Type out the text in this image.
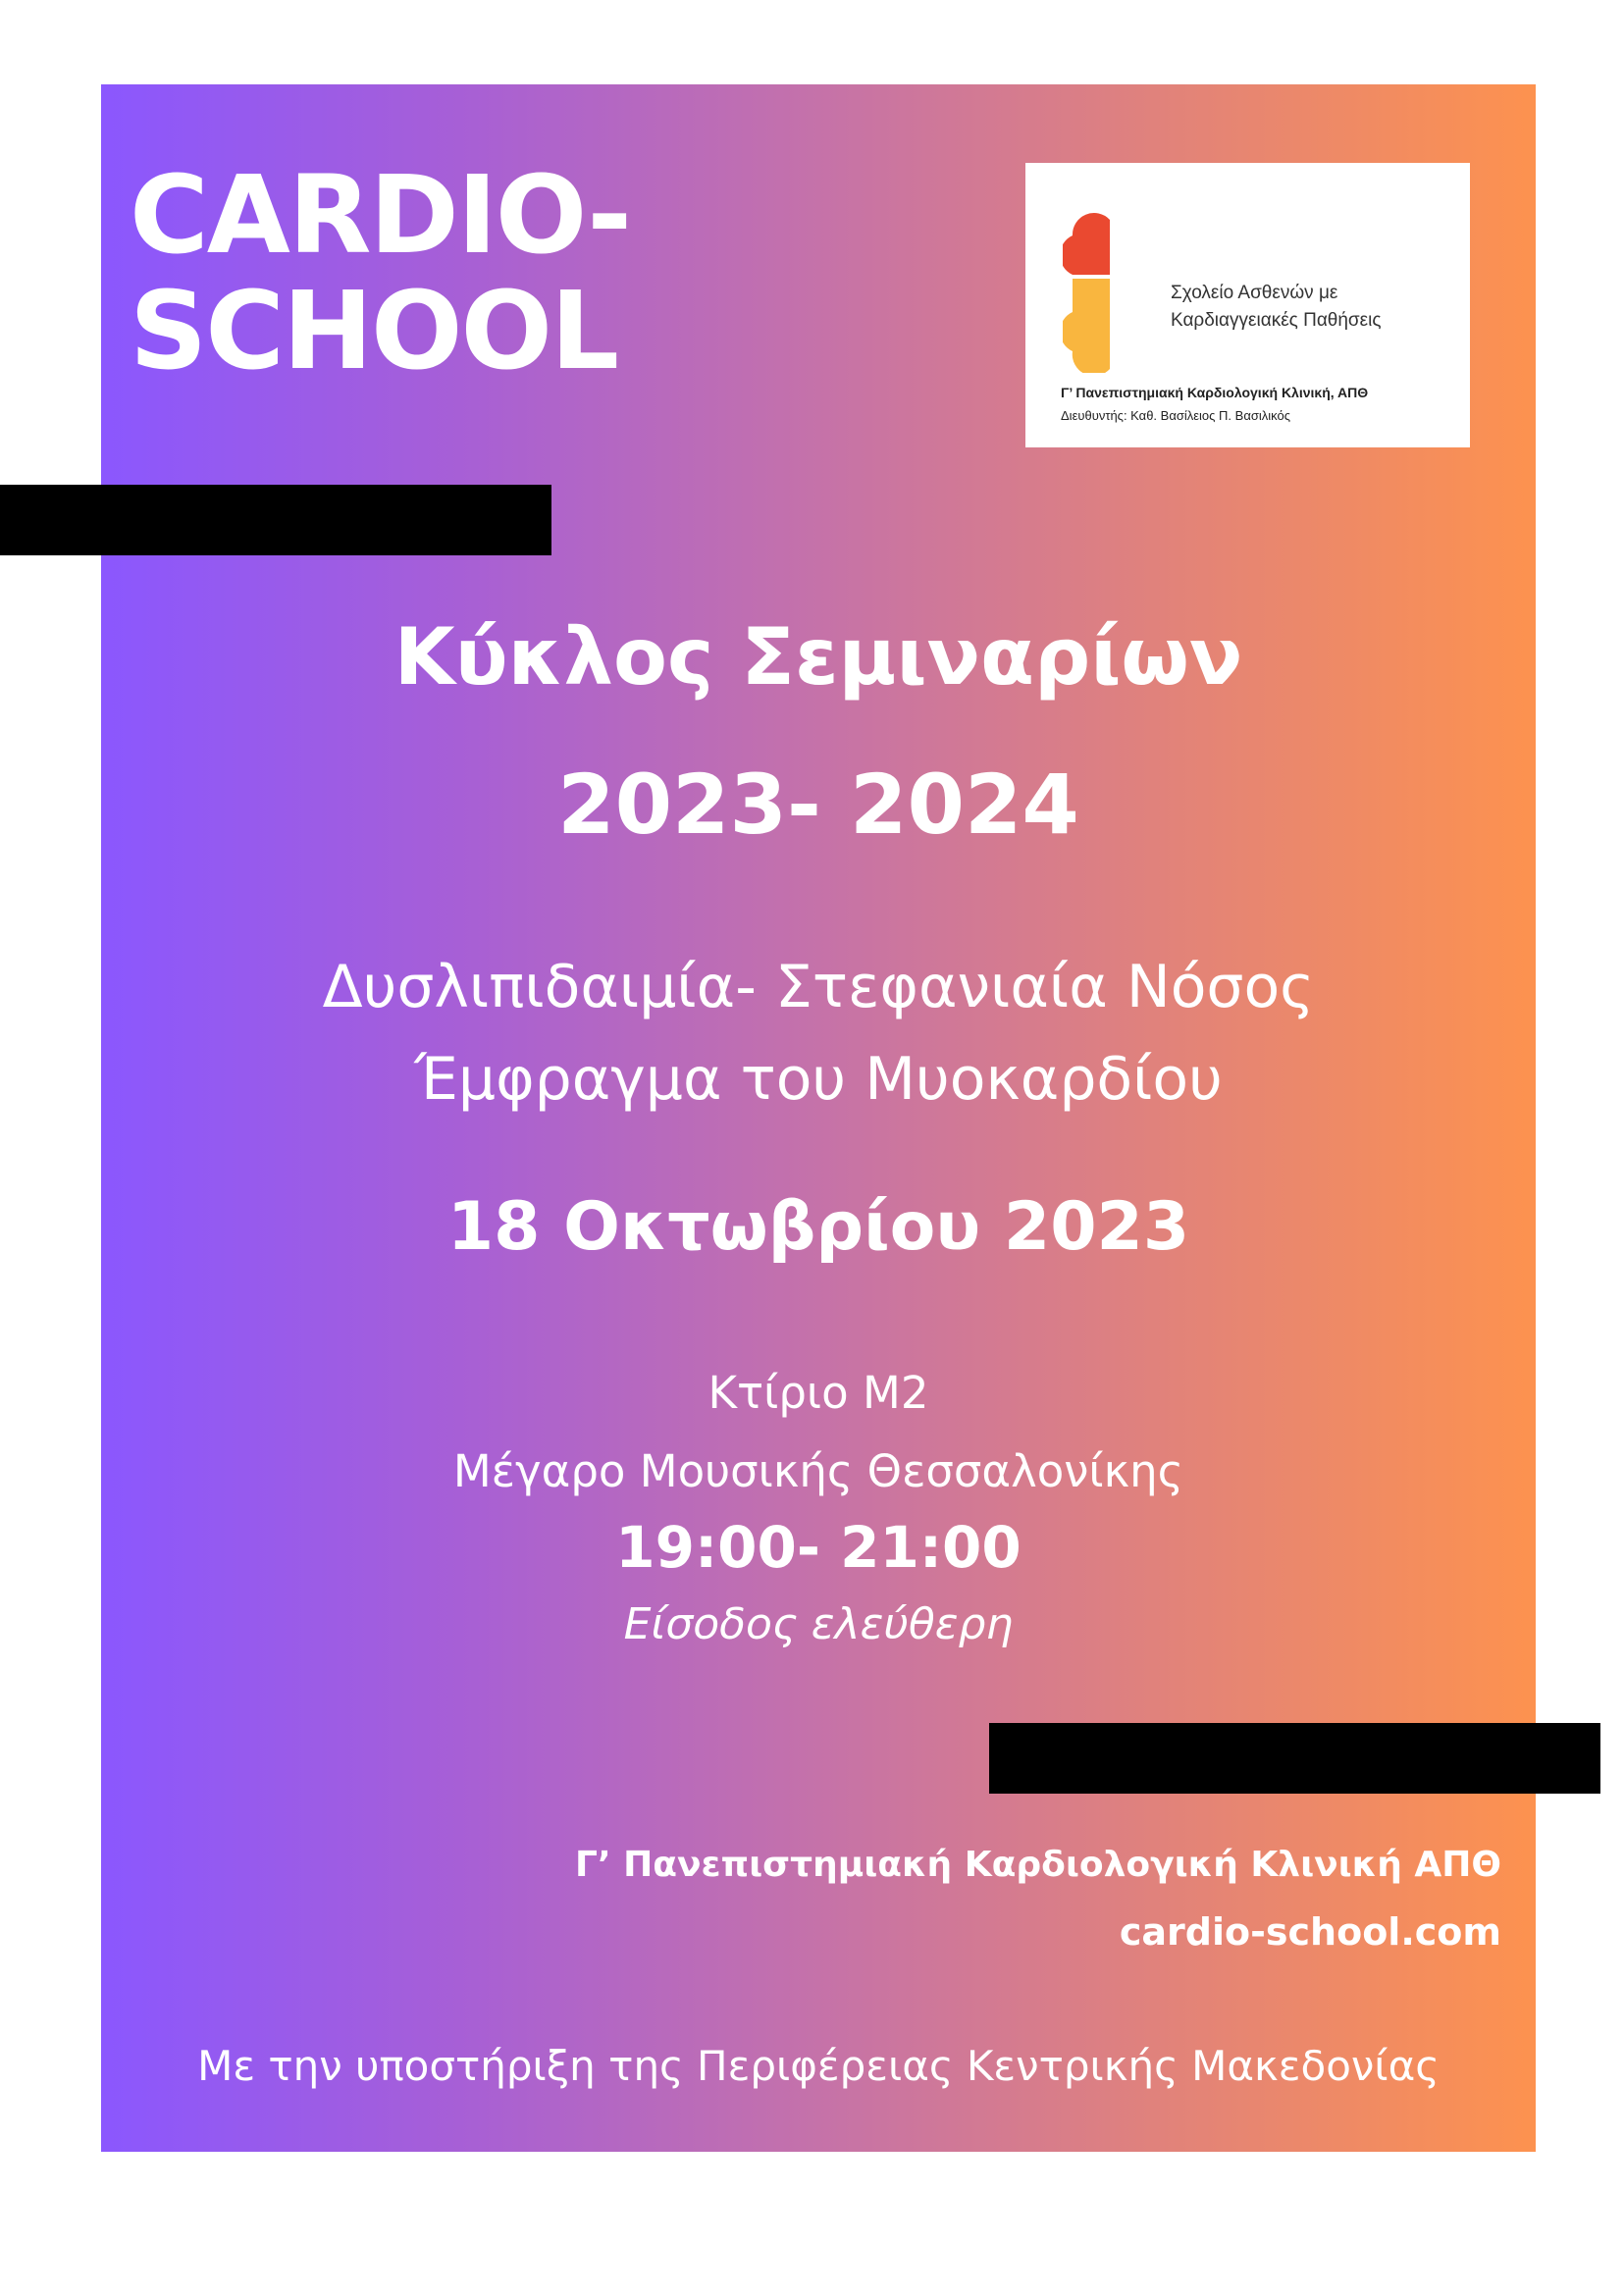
CARDIO-
SCHOOL	Σχολείο Ασθενών με
Καρδιαγγειακές Παθήσεις
Γ’ Πανεπιστημιακή Καρδιολογική Κλινική, ΑΠΘ
Διευθυντής: Καθ. Βασίλειος Π. Βασιλικός
Κύκλος Σεμιναρίων
2023- 2024
Δυσλιπιδαιμία- Στεφανιαία Νόσος
Έμφραγμα του Μυοκαρδίου
18 Οκτωβρίου 2023
Κτίριο Μ2
Μέγαρο Μουσικής Θεσσαλονίκης
19:00- 21:00
Είσοδος ελεύθερη
Γ’ Πανεπιστημιακή Καρδιολογική Κλινική ΑΠΘ
cardio-school.com
Με την υποστήριξη της Περιφέρειας Κεντρικής Μακεδονίας
